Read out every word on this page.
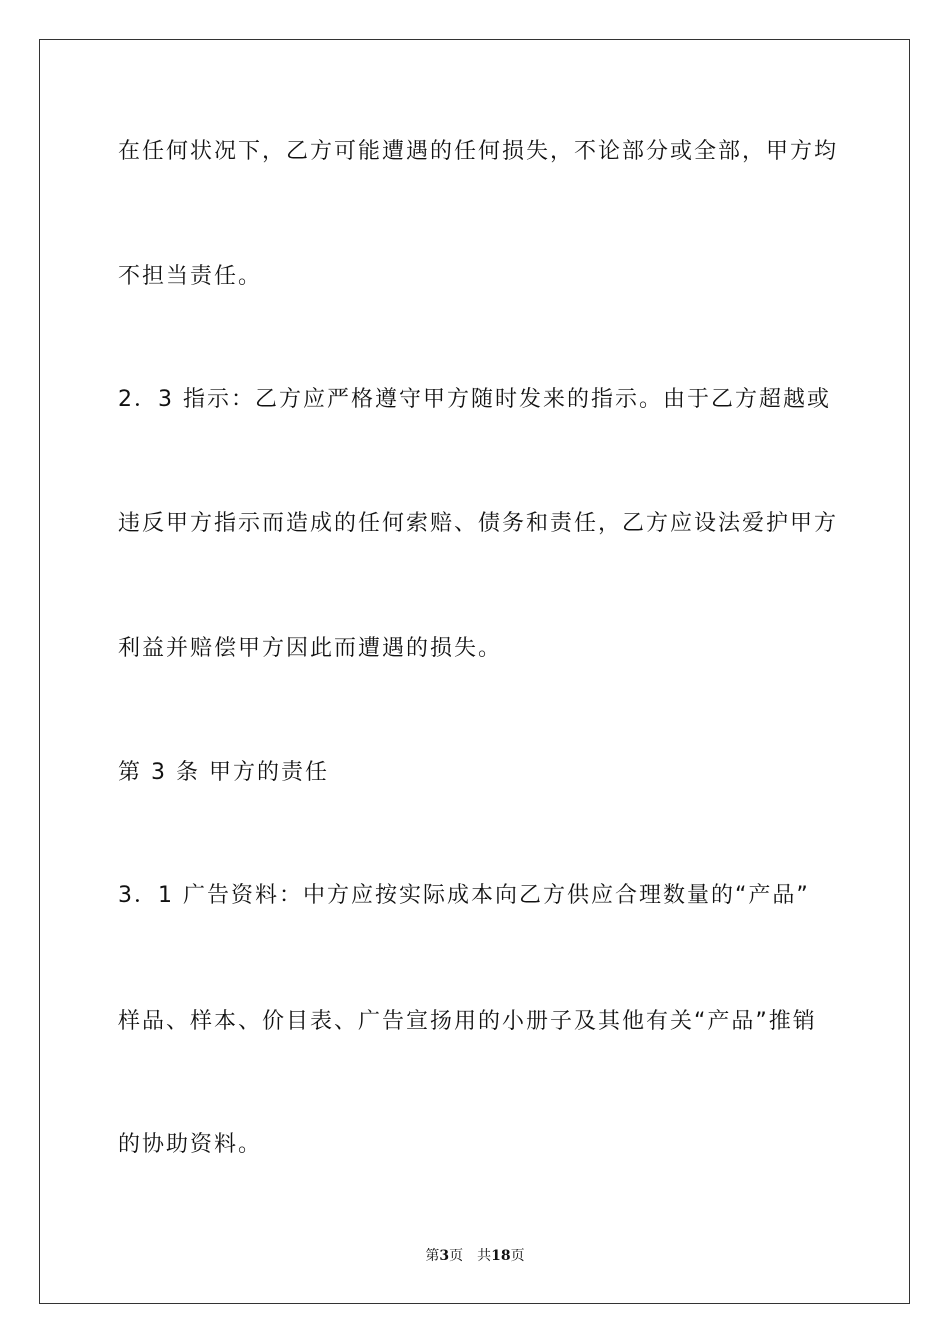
在任何状况下，乙方可能遭遇的任何损失，不论部分或全部，甲方均

不担当责任。

2．3 指示：乙方应严格遵守甲方随时发来的指示。由于乙方超越或

违反甲方指示而造成的任何索赔、债务和责任，乙方应设法爱护甲方

利益并赔偿甲方因此而遭遇的损失。

第 3 条 甲方的责任

3．1 广告资料：中方应按实际成本向乙方供应合理数量的“产品”

样品、样本、价目表、广告宣扬用的小册子及其他有关“产品”推销

的协助资料。

第3页 共18页
